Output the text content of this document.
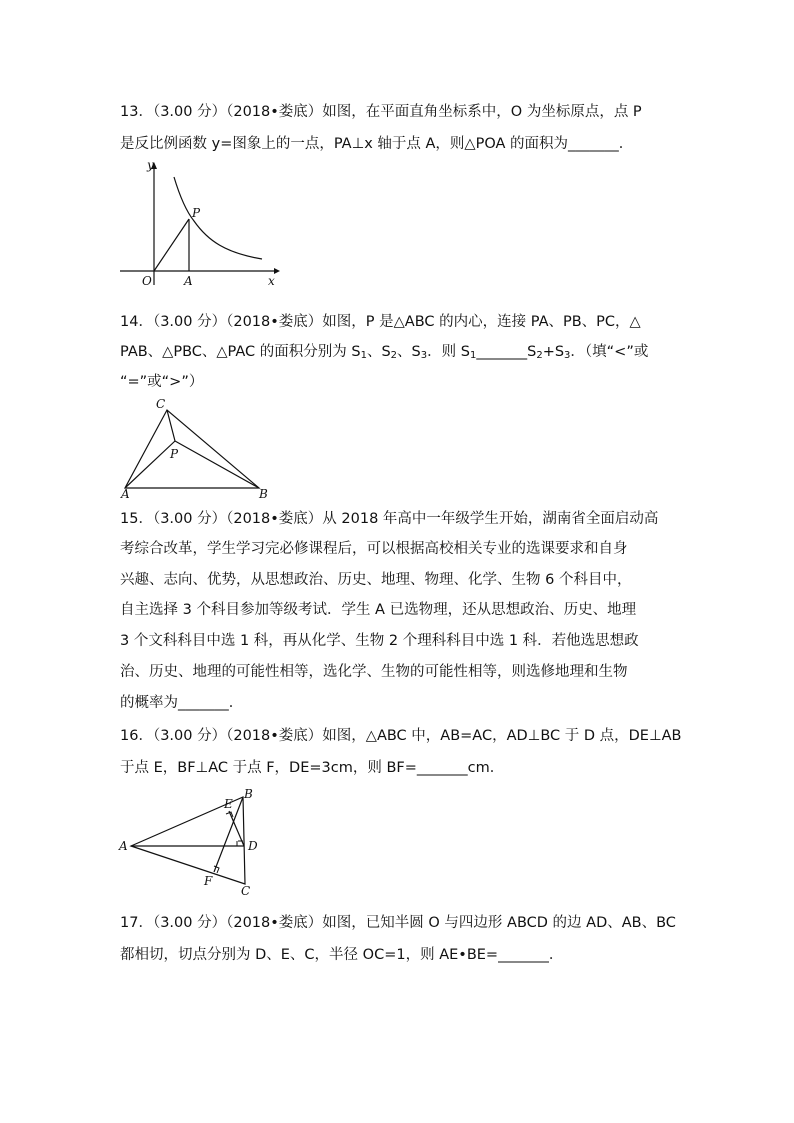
13．（3.00 分）（2018•娄底）如图，在平面直角坐标系中，O 为坐标原点，点 P
是反比例函数 y=图象上的一点，PA⊥x 轴于点 A，则△POA 的面积为_______．
y
x
O	A
P
14．（3.00 分）（2018•娄底）如图，P 是△ABC 的内心，连接 PA、PB、PC，△
PAB、△PBC、△PAC 的面积分别为 $S_1$、$S_2$、$S_3$．则 $S_1\_\_\_\_\_\_\_S_2+S_3$．（填“<”或
“=”或“>”）
C
P
A	B
15．（3.00 分）（2018•娄底）从 2018 年高中一年级学生开始，湖南省全面启动高
考综合改革，学生学习完必修课程后，可以根据高校相关专业的选课要求和自身
兴趣、志向、优势，从思想政治、历史、地理、物理、化学、生物 6 个科目中，
自主选择 3 个科目参加等级考试．学生 A 已选物理，还从思想政治、历史、地理
3 个文科科目中选 1 科，再从化学、生物 2 个理科科目中选 1 科．若他选思想政
治、历史、地理的可能性相等，选化学、生物的可能性相等，则选修地理和生物
的概率为_______．
16．（3.00 分）（2018•娄底）如图，△ABC 中，AB=AC，AD⊥BC 于 D 点，DE⊥AB
于点 E，BF⊥AC 于点 F，DE=3cm，则 BF=_______cm．
A
B
C
D
E
F
17．（3.00 分）（2018•娄底）如图，已知半圆 O 与四边形 ABCD 的边 AD、AB、BC
都相切，切点分别为 D、E、C，半径 OC=1，则 AE•BE=_______．
